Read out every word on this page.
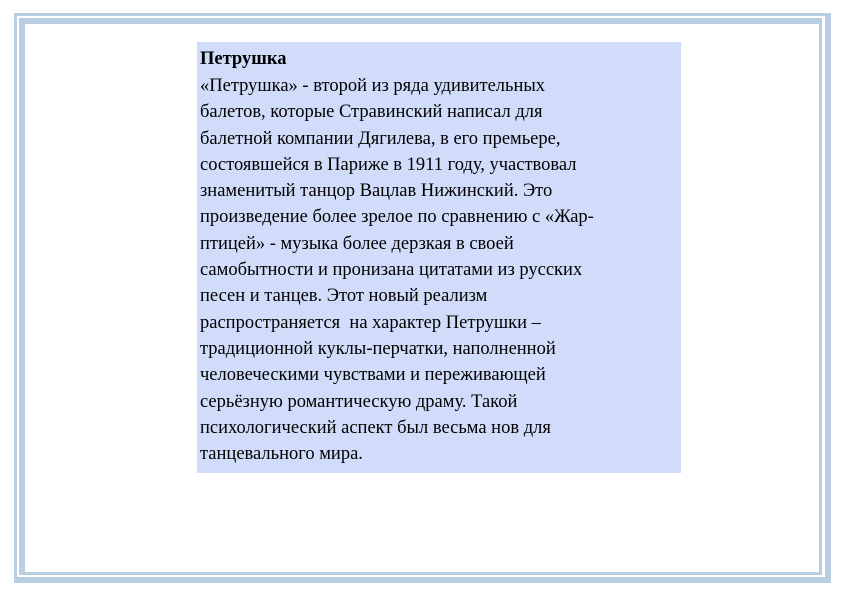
Петрушка
«Петрушка» - второй из ряда удивительных
балетов, которые Стравинский написал для
балетной компании Дягилева, в его премьере,
состоявшейся в Париже в 1911 году, участвовал
знаменитый танцор Вацлав Нижинский. Это
произведение более зрелое по сравнению с «Жар-
птицей» - музыка более дерзкая в своей
самобытности и пронизана цитатами из русских
песен и танцев. Этот новый реализм
распространяется  на характер Петрушки –
традиционной куклы-перчатки, наполненной
человеческими чувствами и переживающей
серьёзную романтическую драму. Такой
психологический аспект был весьма нов для
танцевального мира.
